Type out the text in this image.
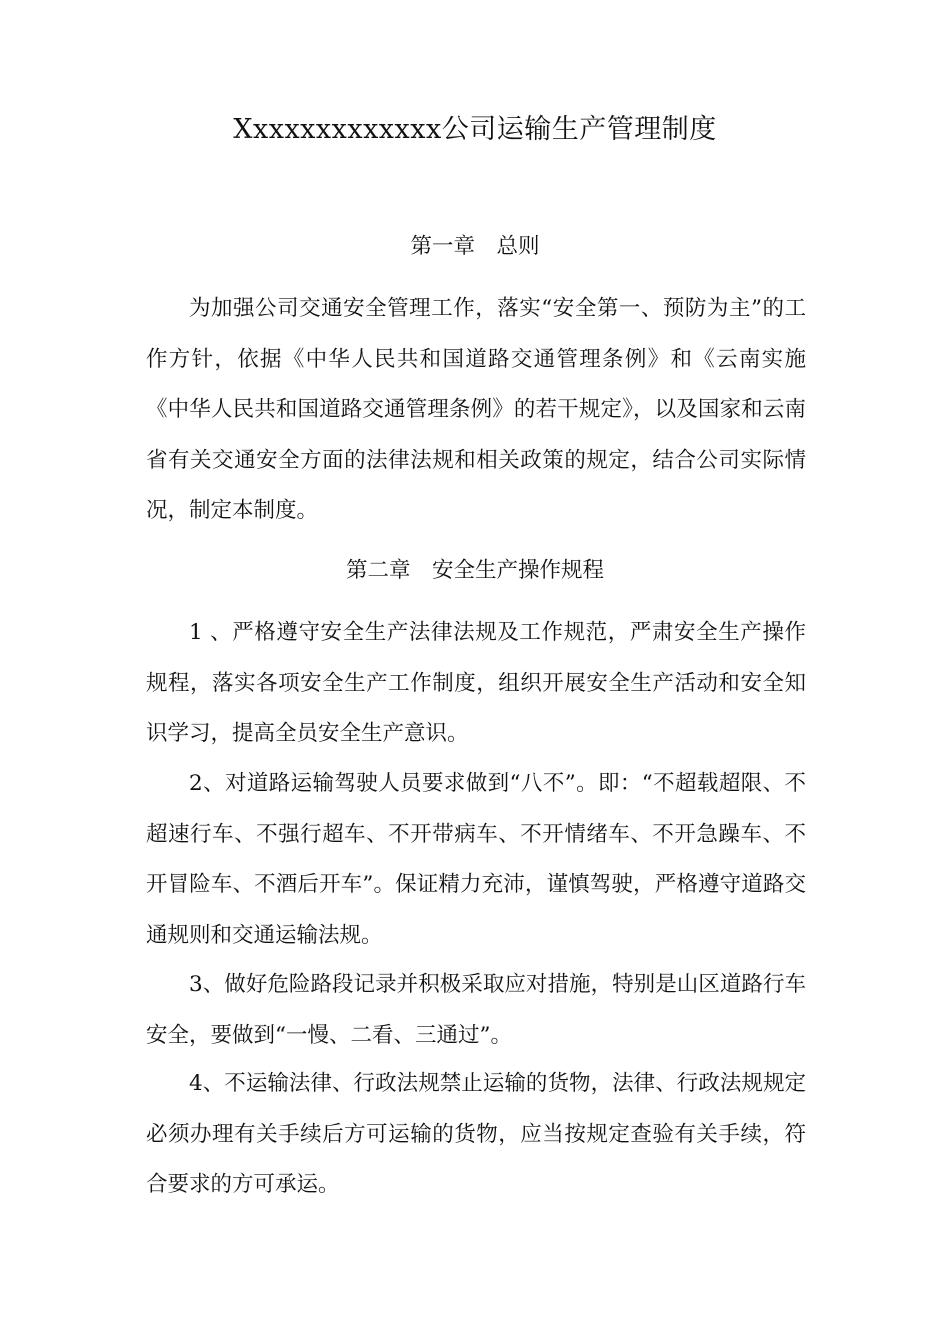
Xxxxxxxxxxxxx公司运输生产管理制度
第一章　总则

为加强公司交通安全管理工作，落实“安全第一、预防为主”的工作方针，依据《中华人民共和国道路交通管理条例》和《云南实施《中华人民共和国道路交通管理条例》的若干规定》，以及国家和云南省有关交通安全方面的法律法规和相关政策的规定，结合公司实际情况，制定本制度。

第二章　安全生产操作规程

1 、严格遵守安全生产法律法规及工作规范，严肃安全生产操作规程，落实各项安全生产工作制度，组织开展安全生产活动和安全知识学习，提高全员安全生产意识。

2、对道路运输驾驶人员要求做到“八不”。即：“不超载超限、不超速行车、不强行超车、不开带病车、不开情绪车、不开急躁车、不开冒险车、不酒后开车”。保证精力充沛，谨慎驾驶，严格遵守道路交通规则和交通运输法规。

3、做好危险路段记录并积极采取应对措施，特别是山区道路行车安全，要做到“一慢、二看、三通过”。

4、不运输法律、行政法规禁止运输的货物，法律、行政法规规定必须办理有关手续后方可运输的货物，应当按规定查验有关手续，符合要求的方可承运。
